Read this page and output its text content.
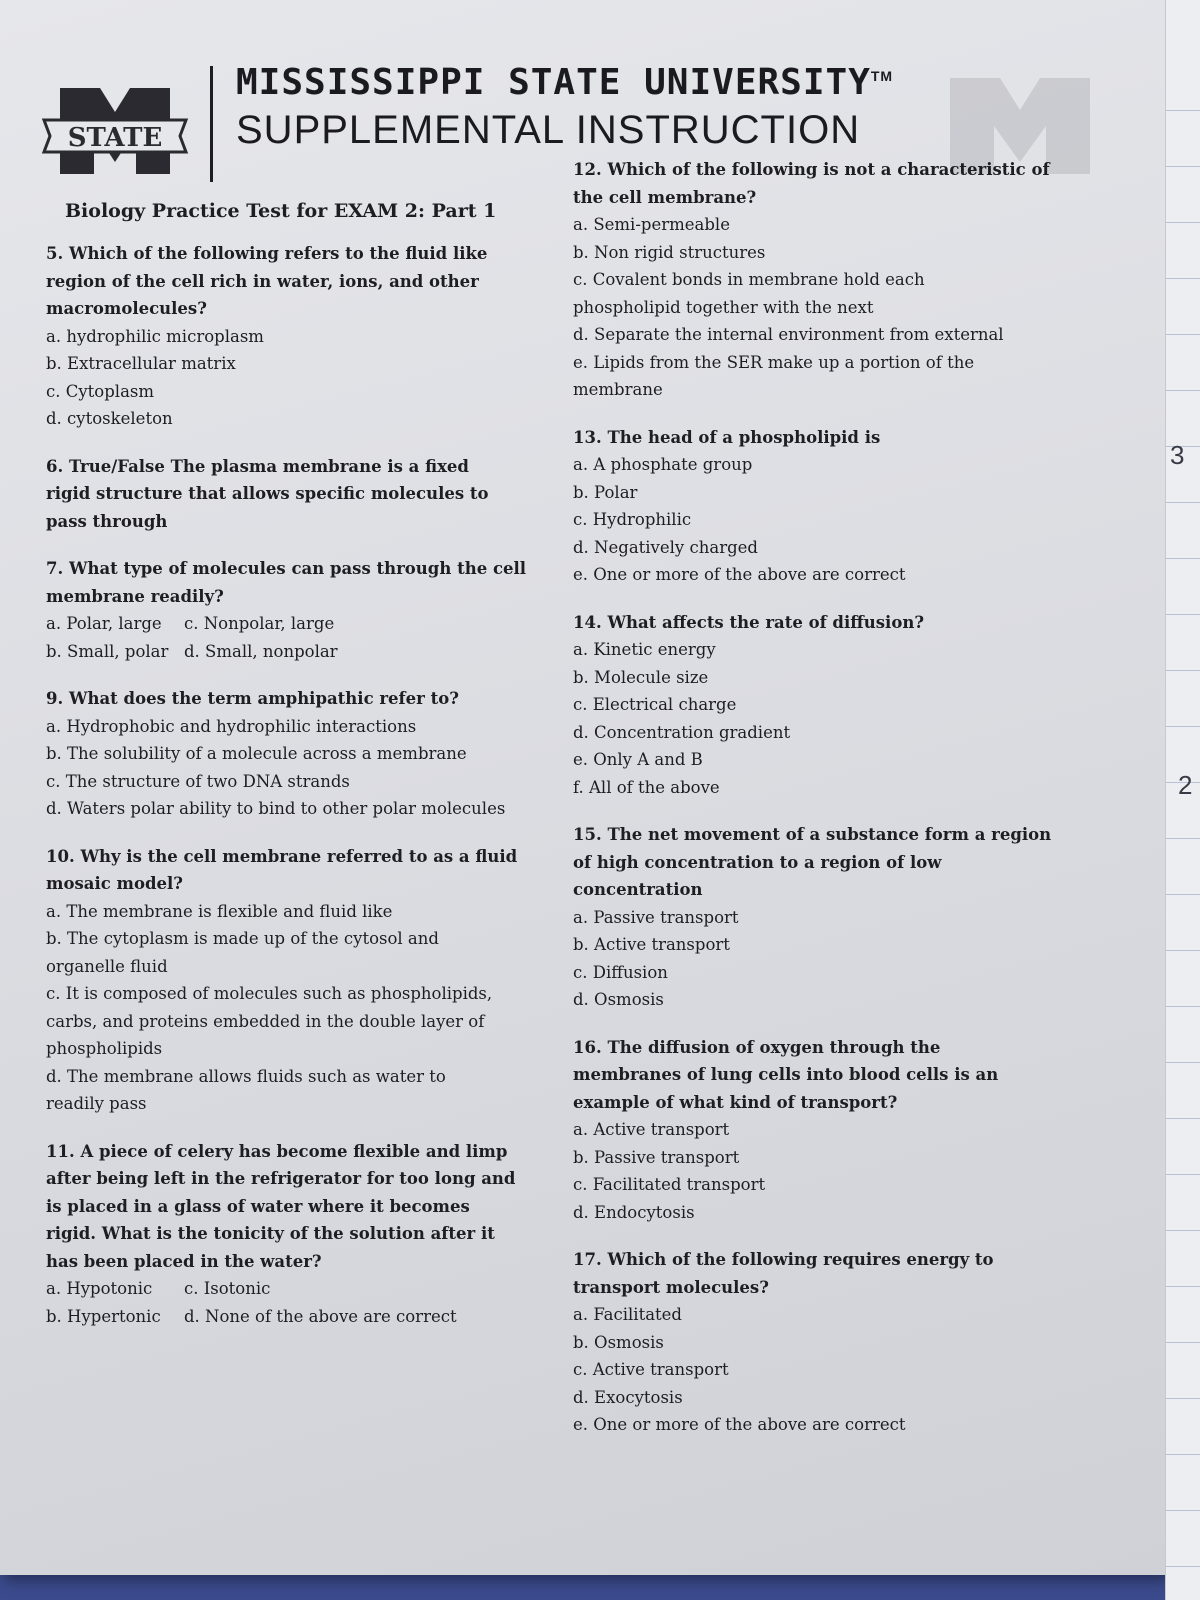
STATE
MISSISSIPPI STATE UNIVERSITY™
SUPPLEMENTAL INSTRUCTION
Biology Practice Test for EXAM 2: Part 1
5. Which of the following refers to the fluid like
region of the cell rich in water, ions, and other
macromolecules?
a. hydrophilic microplasm
b. Extracellular matrix
c. Cytoplasm
d. cytoskeleton
6. True/False The plasma membrane is a fixed
rigid structure that allows specific molecules to
pass through
7. What type of molecules can pass through the cell
membrane readily?
a. Polar, large	c. Nonpolar, large
b. Small, polar d. Small, nonpolar
9. What does the term amphipathic refer to?
a. Hydrophobic and hydrophilic interactions
b. The solubility of a molecule across a membrane
c. The structure of two DNA strands
d. Waters polar ability to bind to other polar molecules
10. Why is the cell membrane referred to as a fluid
mosaic model?
a. The membrane is flexible and fluid like
b. The cytoplasm is made up of the cytosol and
organelle fluid
c. It is composed of molecules such as phospholipids,
carbs, and proteins embedded in the double layer of
phospholipids
d. The membrane allows fluids such as water to
readily pass
11. A piece of celery has become flexible and limp
after being left in the refrigerator for too long and
is placed in a glass of water where it becomes
rigid. What is the tonicity of the solution after it
has been placed in the water?
a. Hypotonic	c. Isotonic
b. Hypertonic	d. None of the above are correct
12. Which of the following is not a characteristic of
the cell membrane?
a. Semi-permeable
b. Non rigid structures
c. Covalent bonds in membrane hold each
phospholipid together with the next
d. Separate the internal environment from external
e. Lipids from the SER make up a portion of the
membrane
13. The head of a phospholipid is
a. A phosphate group
b. Polar
c. Hydrophilic
d. Negatively charged
e. One or more of the above are correct
14. What affects the rate of diffusion?
a. Kinetic energy
b. Molecule size
c. Electrical charge
d. Concentration gradient
e. Only A and B
f. All of the above
15. The net movement of a substance form a region
of high concentration to a region of low
concentration
a. Passive transport
b. Active transport
c. Diffusion
d. Osmosis
16. The diffusion of oxygen through the
membranes of lung cells into blood cells is an
example of what kind of transport?
a. Active transport
b. Passive transport
c. Facilitated transport
d. Endocytosis
17. Which of the following requires energy to
transport molecules?
a. Facilitated
b. Osmosis
c. Active transport
d. Exocytosis
e. One or more of the above are correct
3
2
